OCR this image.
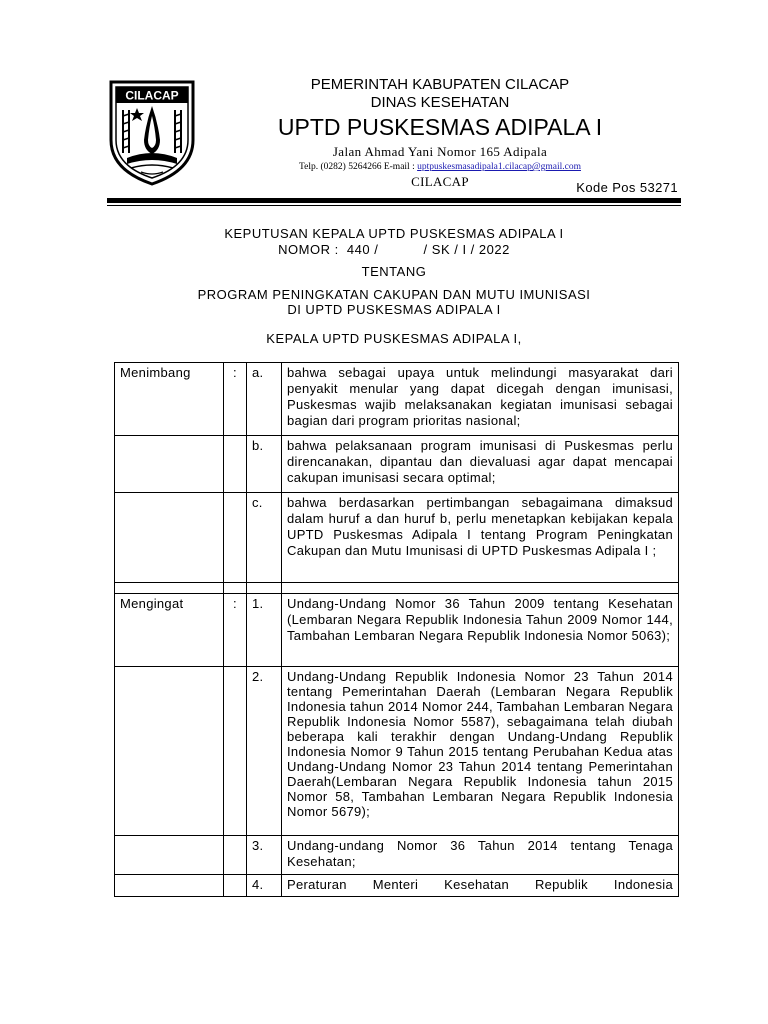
CILACAP
PEMERINTAH KABUPATEN CILACAP
DINAS KESEHATAN
UPTD PUSKESMAS ADIPALA I
Jalan Ahmad Yani Nomor 165 Adipala
Telp. (0282) 5264266 E-mail : uptpuskesmasadipala1.cilacap@gmail.com
CILACAP	Kode Pos 53271
KEPUTUSAN KEPALA UPTD PUSKESMAS ADIPALA I
NOMOR :  440 /           / SK / I / 2022
TENTANG
PROGRAM PENINGKATAN CAKUPAN DAN MUTU IMUNISASI
DI UPTD PUSKESMAS ADIPALA I
KEPALA UPTD PUSKESMAS ADIPALA I,
Menimbang	:	a.	bahwa sebagai upaya untuk melindungi masyarakat dari penyakit menular yang dapat dicegah dengan imunisasi, Puskesmas wajib melaksanakan kegiatan imunisasi sebagai bagian dari program prioritas nasional;
		b.	bahwa pelaksanaan program imunisasi di Puskesmas perlu direncanakan, dipantau dan dievaluasi agar dapat mencapai cakupan imunisasi secara optimal;
		c.	bahwa berdasarkan pertimbangan sebagaimana dimaksud dalam huruf a dan huruf b, perlu menetapkan kebijakan kepala UPTD Puskesmas Adipala I tentang Program Peningkatan Cakupan dan Mutu Imunisasi di UPTD Puskesmas Adipala I ;

Mengingat	:	1.	Undang-Undang Nomor 36 Tahun 2009 tentang Kesehatan (Lembaran Negara Republik Indonesia Tahun 2009 Nomor 144, Tambahan Lembaran Negara Republik Indonesia Nomor 5063);
		2.	Undang-Undang Republik Indonesia Nomor 23 Tahun 2014 tentang Pemerintahan Daerah (Lembaran Negara Republik Indonesia tahun 2014 Nomor 244, Tambahan Lembaran Negara Republik Indonesia Nomor 5587), sebagaimana telah diubah beberapa kali terakhir dengan Undang-Undang Republik Indonesia Nomor 9 Tahun 2015 tentang Perubahan Kedua atas Undang-Undang Nomor 23 Tahun 2014 tentang Pemerintahan Daerah(Lembaran Negara Republik Indonesia tahun 2015 Nomor 58, Tambahan Lembaran Negara Republik Indonesia Nomor 5679);
		3.	Undang-undang Nomor 36 Tahun 2014 tentang Tenaga Kesehatan;
		4.	Peraturan Menteri Kesehatan Republik Indonesia
